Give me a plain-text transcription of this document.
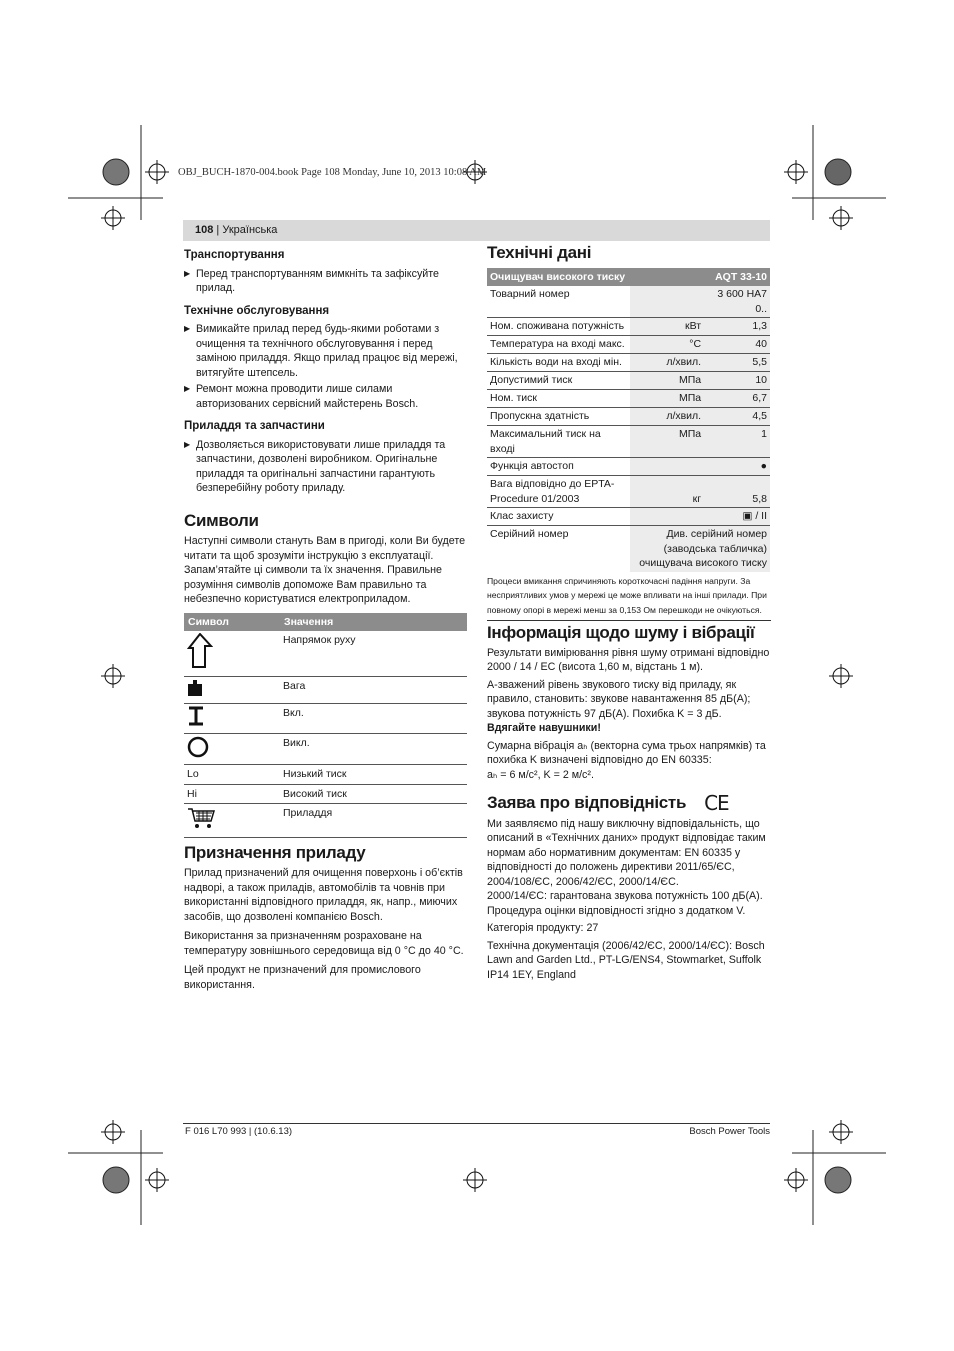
OBJ_BUCH-1870-004.book Page 108 Monday, June 10, 2013 10:08 AM
108 | Українська
Транспортування
▶ Перед транспортуванням вимкніть та зафіксуйте прилад.

Технічне обслуговування
▶ Вимикайте прилад перед будь-якими роботами з очищення та технічного обслуговування і перед заміною приладдя. Якщо прилад працює від мережі, витягуйте штепсель.

▶ Ремонт можна проводити лише силами авторизованих сервісний майстерень Bosch.

Приладдя та запчастини
▶ Дозволяється використовувати лише приладдя та запчастини, дозволені виробником. Оригінальне приладдя та оригінальні запчастини гарантують безперебійну роботу приладу.

Символи

Наступні символи стануть Вам в пригоді, коли Ви будете читати та щоб зрозуміти інструкцію з експлуатації. Запам’ятайте ці символи та їх значення. Правильне розуміння символів допоможе Вам правильно та небезпечно користуватися електроприладом.

Символ	Значення
	Напрямок руху
	Вага
	Вкл.
	Викл.
Lo	Низький тиск
Hi	Високий тиск
	Приладдя
Призначення приладу

Прилад призначений для очищення поверхонь і об’єктів надворі, а також приладів, автомобілів та човнів при використанні відповідного приладдя, як, напр., миючих засобів, що дозволені компанією Bosch.

Використання за призначенням розраховане на температуру зовнішнього середовища від 0 °C до 40 °C.

Цей продукт не призначений для промислового використання.

Технічні дані
Очищувач високого тиску		AQT 33-10
Товарний номер		3 600 HA7 0..
Ном. споживана потужність	кВт	1,3
Температура на вході макс.	°C	40
Кількість води на вході мін.	л/хвил.	5,5
Допустимий тиск	МПа	10
Ном. тиск	МПа	6,7
Пропускна здатність	л/хвил.	4,5
Максимальний тиск на вході	МПа	1
Функція автостоп		●
Вага відповідно до EPTA-Procedure 01/2003	кг	5,8
Клас захисту		▣ / II
Серійний номер	Див. серійний номер (заводська табличка) очищувача високого тиску	

Процеси вмикання спричиняють короткочасні падіння напруги. За несприятливих умов у мережі це може впливати на інші прилади. При повному опорі в мережі менш за 0,153 Ом перешкоди не очікуються.

Інформація щодо шуму і вібрації

Результати вимірювання рівня шуму отримані відповідно 2000 / 14 / EC (висота 1,60 м, відстань 1 м).

А-зважений рівень звукового тиску від приладу, як правило, становить: звукове навантаження 85 дБ(A); звукова потужність 97 дБ(A). Похибка K = 3 дБ.

Вдягайте навушники!

Сумарна вібрація aₕ (векторна сума трьох напрямків) та похибка K визначені відповідно до EN 60335:

aₕ = 6 м/с², K = 2 м/с².

Заява про відповідність CE

Ми заявляємо під нашу виключну відповідальність, що описаний в «Технічних даних» продукт відповідає таким нормам або нормативним документам: EN 60335 у відповідності до положень директиви 2011/65/ЄС, 2004/108/ЄС, 2006/42/ЄС, 2000/14/ЄС.

2000/14/ЄС: гарантована звукова потужність 100 дБ(A). Процедура оцінки відповідності згідно з додатком V.

Категорія продукту: 27

Технічна документація (2006/42/ЄС, 2000/14/ЄС): Bosch Lawn and Garden Ltd., PT-LG/ENS4, Stowmarket, Suffolk IP14 1EY, England

F 016 L70 993 | (10.6.13)	Bosch Power Tools
